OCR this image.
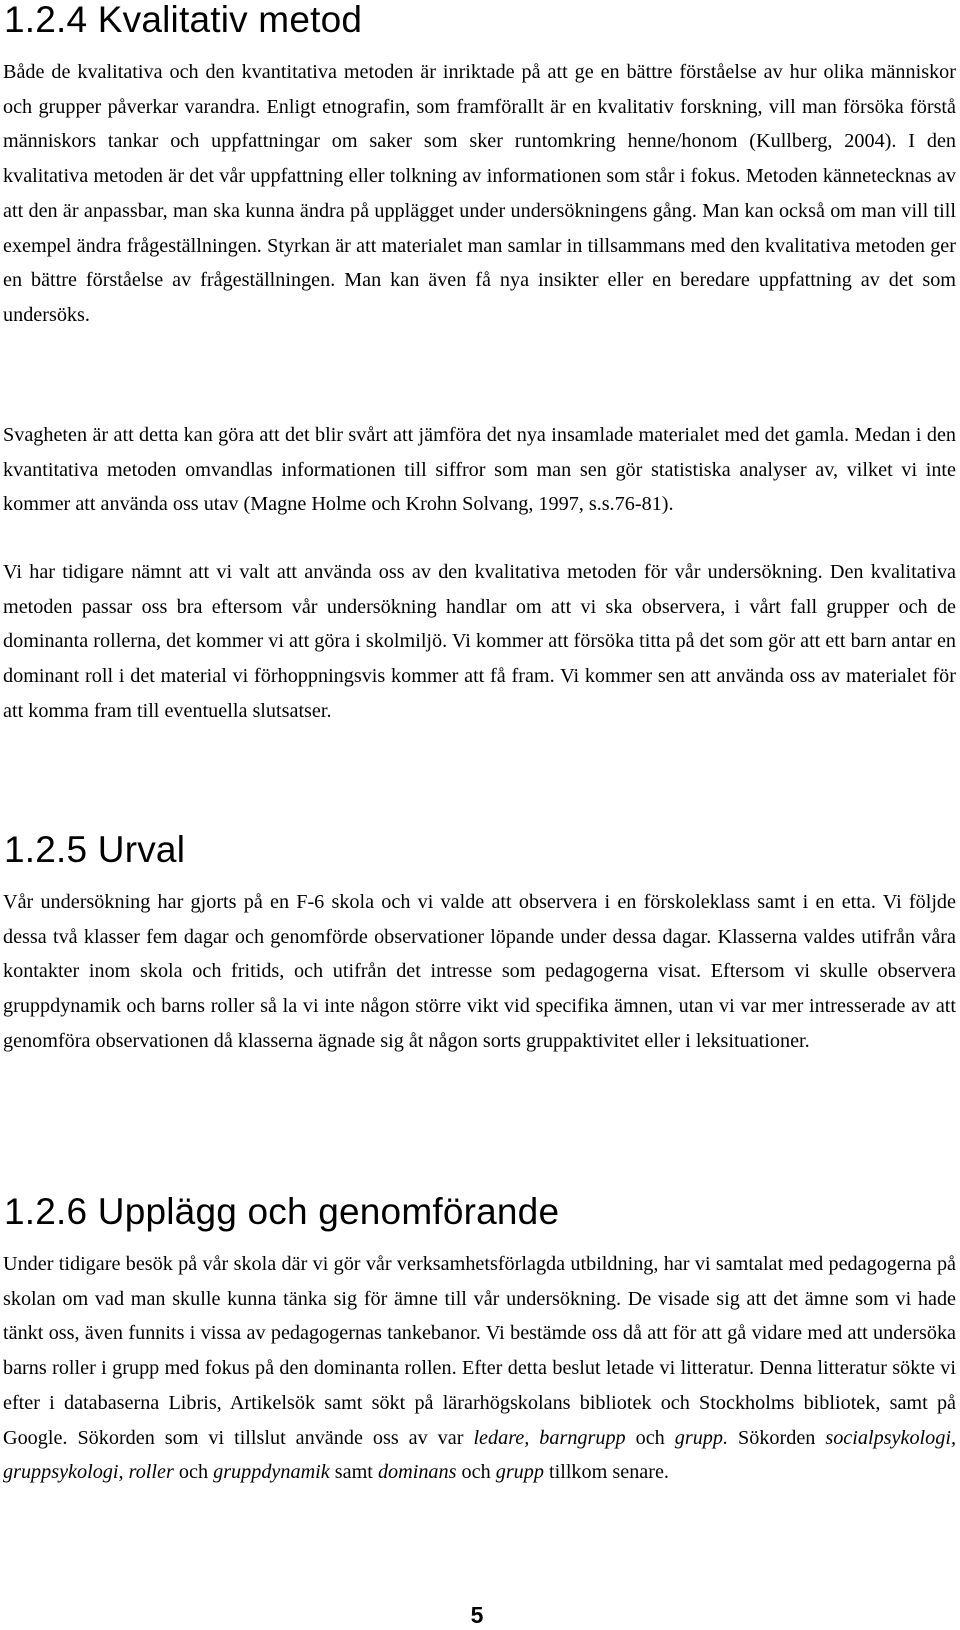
1.2.4 Kvalitativ metod

Både de kvalitativa och den kvantitativa metoden är inriktade på att ge en bättre förståelse av hur olika människor och grupper påverkar varandra. Enligt etnografin, som framförallt är en kvalitativ forskning, vill man försöka förstå människors tankar och uppfattningar om saker som sker runtomkring henne/honom (Kullberg, 2004). I den kvalitativa metoden är det vår uppfattning eller tolkning av informationen som står i fokus. Metoden kännetecknas av att den är anpassbar, man ska kunna ändra på upplägget under undersökningens gång. Man kan också om man vill till exempel ändra frågeställningen. Styrkan är att materialet man samlar in tillsammans med den kvalitativa metoden ger en bättre förståelse av frågeställningen. Man kan även få nya insikter eller en beredare uppfattning av det som undersöks.

Svagheten är att detta kan göra att det blir svårt att jämföra det nya insamlade materialet med det gamla. Medan i den kvantitativa metoden omvandlas informationen till siffror som man sen gör statistiska analyser av, vilket vi inte kommer att använda oss utav (Magne Holme och Krohn Solvang, 1997, s.s.76-81).

Vi har tidigare nämnt att vi valt att använda oss av den kvalitativa metoden för vår undersökning. Den kvalitativa metoden passar oss bra eftersom vår undersökning handlar om att vi ska observera, i vårt fall grupper och de dominanta rollerna, det kommer vi att göra i skolmiljö. Vi kommer att försöka titta på det som gör att ett barn antar en dominant roll i det material vi förhoppningsvis kommer att få fram. Vi kommer sen att använda oss av materialet för att komma fram till eventuella slutsatser.

1.2.5 Urval

Vår undersökning har gjorts på en F-6 skola och vi valde att observera i en förskoleklass samt i en etta. Vi följde dessa två klasser fem dagar och genomförde observationer löpande under dessa dagar. Klasserna valdes utifrån våra kontakter inom skola och fritids, och utifrån det intresse som pedagogerna visat. Eftersom vi skulle observera gruppdynamik och barns roller så la vi inte någon större vikt vid specifika ämnen, utan vi var mer intresserade av att genomföra observationen då klasserna ägnade sig åt någon sorts gruppaktivitet eller i leksituationer.

1.2.6 Upplägg och genomförande

Under tidigare besök på vår skola där vi gör vår verksamhetsförlagda utbildning, har vi samtalat med pedagogerna på skolan om vad man skulle kunna tänka sig för ämne till vår undersökning. De visade sig att det ämne som vi hade tänkt oss, även funnits i vissa av pedagogernas tankebanor. Vi bestämde oss då att för att gå vidare med att undersöka barns roller i grupp med fokus på den dominanta rollen. Efter detta beslut letade vi litteratur. Denna litteratur sökte vi efter i databaserna Libris, Artikelsök samt sökt på lärarhögskolans bibliotek och Stockholms bibliotek, samt på Google. Sökorden som vi tillslut använde oss av var ledare, barngrupp och grupp. Sökorden socialpsykologi, gruppsykologi, roller och gruppdynamik samt dominans och grupp tillkom senare.

5
